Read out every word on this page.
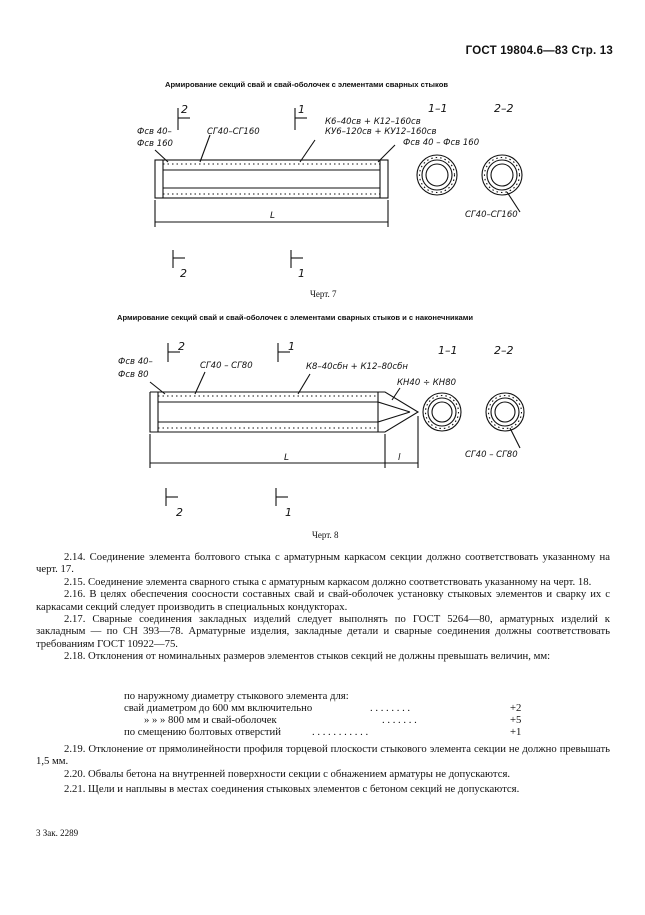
ГОСТ 19804.6—83 Стр. 13
Армирование секций свай и свай-оболочек с элементами сварных стыков
Фсв 40–
Фсв 160
СГ40–СГ160
К6–40св + К12–160св
КУ6–120св + КУ12–160св
Фсв 40 – Фсв 160
СГ40–СГ160
L
1–1	2–2
2	1
2	1
Черт. 7
Армирование секций свай и свай-оболочек с элементами сварных стыков и с наконечниками
Фсв 40–
Фсв 80
СГ40 – СГ80	К8–40сбн + К12–80сбн
КН40 ÷ КН80
СГ40 – СГ80
L	l
1–1	2–2
2	1
2	1
Черт. 8

2.14. Соединение элемента болтового стыка с арматурным каркасом секции должно соответствовать указанному на черт. 17.

2.15. Соединение элемента сварного стыка с арматурным каркасом должно соответствовать указанному на черт. 18.

2.16. В целях обеспечения соосности составных свай и свай-оболочек установку стыковых элементов и сварку их с каркасами секций следует производить в специальных кондукторах.

2.17. Сварные соединения закладных изделий следует выполнять по ГОСТ 5264—80, арматурных изделий к закладным — по СН 393—78. Арматурные изделия, закладные детали и сварные соединения должны соответствовать требованиям ГОСТ 10922—75.

2.18. Отклонения от номинальных размеров элементов стыков секций не должны превышать величин, мм:

по наружному диаметру стыкового элемента для:
свай диаметром до 600 мм включительно	. . . . . . . .	+2
» » » 800 мм и свай-оболочек	. . . . . . .	+5
по смещению болтовых отверстий	. . . . . . . . . . .	+1

2.19. Отклонение от прямолинейности профиля торцевой плоскости стыкового элемента секции не должно превышать 1,5 мм.

2.20. Обвалы бетона на внутренней поверхности секции с обнажением арматуры не допускаются.

2.21. Щели и наплывы в местах соединения стыковых элементов с бетоном секций не допускаются.

3 Зак. 2289
